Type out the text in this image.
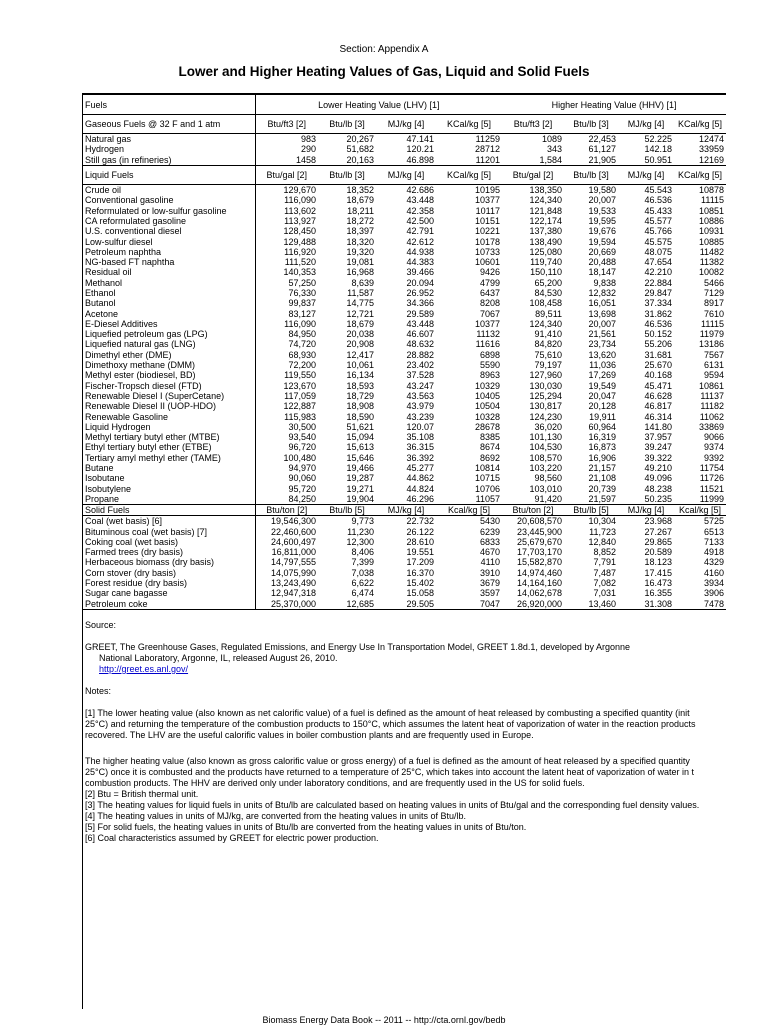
Section: Appendix A
Lower and Higher Heating Values of Gas, Liquid and Solid Fuels
Fuels	Lower Heating Value (LHV) [1]				Higher Heating Value (HHV) [1]			
Gaseous Fuels @ 32 F and 1 atm	Btu/ft3 [2]	Btu/lb [3]	MJ/kg [4]	KCal/kg [5]	Btu/ft3 [2]	Btu/lb [3]	MJ/kg [4]	KCal/kg [5]
Natural gas	983	20,267	47.141	11259	1089	22,453	52.225	12474
Hydrogen	290	51,682	120.21	28712	343	61,127	142.18	33959
Still gas (in refineries)	1458	20,163	46.898	11201	1,584	21,905	50.951	12169
Liquid Fuels	Btu/gal [2]	Btu/lb [3]	MJ/kg [4]	KCal/kg [5]	Btu/gal [2]	Btu/lb [3]	MJ/kg [4]	KCal/kg [5]
Crude oil	129,670	18,352	42.686	10195	138,350	19,580	45.543	10878
Conventional gasoline	116,090	18,679	43.448	10377	124,340	20,007	46.536	11115
Reformulated or low-sulfur gasoline	113,602	18,211	42.358	10117	121,848	19,533	45.433	10851
CA reformulated gasoline	113,927	18,272	42.500	10151	122,174	19,595	45.577	10886
U.S. conventional diesel	128,450	18,397	42.791	10221	137,380	19,676	45.766	10931
Low-sulfur diesel	129,488	18,320	42.612	10178	138,490	19,594	45.575	10885
Petroleum naphtha	116,920	19,320	44.938	10733	125,080	20,669	48.075	11482
NG-based FT naphtha	111,520	19,081	44.383	10601	119,740	20,488	47.654	11382
Residual oil	140,353	16,968	39.466	9426	150,110	18,147	42.210	10082
Methanol	57,250	8,639	20.094	4799	65,200	9,838	22.884	5466
Ethanol	76,330	11,587	26.952	6437	84,530	12,832	29.847	7129
Butanol	99,837	14,775	34.366	8208	108,458	16,051	37.334	8917
Acetone	83,127	12,721	29.589	7067	89,511	13,698	31.862	7610
E-Diesel Additives	116,090	18,679	43.448	10377	124,340	20,007	46.536	11115
Liquefied petroleum gas (LPG)	84,950	20,038	46.607	11132	91,410	21,561	50.152	11979
Liquefied natural gas (LNG)	74,720	20,908	48.632	11616	84,820	23,734	55.206	13186
Dimethyl ether (DME)	68,930	12,417	28.882	6898	75,610	13,620	31.681	7567
Dimethoxy methane (DMM)	72,200	10,061	23.402	5590	79,197	11,036	25.670	6131
Methyl ester (biodiesel, BD)	119,550	16,134	37.528	8963	127,960	17,269	40.168	9594
Fischer-Tropsch diesel (FTD)	123,670	18,593	43.247	10329	130,030	19,549	45.471	10861
Renewable Diesel I (SuperCetane)	117,059	18,729	43.563	10405	125,294	20,047	46.628	11137
Renewable Diesel II (UOP-HDO)	122,887	18,908	43.979	10504	130,817	20,128	46.817	11182
Renewable Gasoline	115,983	18,590	43.239	10328	124,230	19,911	46.314	11062
Liquid Hydrogen	30,500	51,621	120.07	28678	36,020	60,964	141.80	33869
Methyl tertiary butyl ether (MTBE)	93,540	15,094	35.108	8385	101,130	16,319	37.957	9066
Ethyl tertiary butyl ether (ETBE)	96,720	15,613	36.315	8674	104,530	16,873	39.247	9374
Tertiary amyl methyl ether (TAME)	100,480	15,646	36.392	8692	108,570	16,906	39.322	9392
Butane	94,970	19,466	45.277	10814	103,220	21,157	49.210	11754
Isobutane	90,060	19,287	44.862	10715	98,560	21,108	49.096	11726
Isobutylene	95,720	19,271	44.824	10706	103,010	20,739	48.238	11521
Propane	84,250	19,904	46.296	11057	91,420	21,597	50.235	11999
Solid Fuels	Btu/ton [2]	Btu/lb [5]	MJ/kg [4]	Kcal/kg [5]	Btu/ton [2]	Btu/lb [5]	MJ/kg [4]	Kcal/kg [5]
Coal (wet basis) [6]	19,546,300	9,773	22.732	5430	20,608,570	10,304	23.968	5725
Bituminous coal (wet basis) [7]	22,460,600	11,230	26.122	6239	23,445,900	11,723	27.267	6513
Coking coal (wet basis)	24,600,497	12,300	28.610	6833	25,679,670	12,840	29.865	7133
Farmed trees (dry basis)	16,811,000	8,406	19.551	4670	17,703,170	8,852	20.589	4918
Herbaceous biomass (dry basis)	14,797,555	7,399	17.209	4110	15,582,870	7,791	18.123	4329
Corn stover (dry basis)	14,075,990	7,038	16.370	3910	14,974,460	7,487	17.415	4160
Forest residue (dry basis)	13,243,490	6,622	15.402	3679	14,164,160	7,082	16.473	3934
Sugar cane bagasse	12,947,318	6,474	15.058	3597	14,062,678	7,031	16.355	3906
Petroleum coke	25,370,000	12,685	29.505	7047	26,920,000	13,460	31.308	7478

Source:

GREET, The Greenhouse Gases, Regulated Emissions, and Energy Use In Transportation Model, GREET 1.8d.1, developed by Argonne

National Laboratory, Argonne, IL, released August 26, 2010.

http://greet.es.anl.gov/

Notes:

[1] The lower heating value (also known as net calorific value) of a fuel is defined as the amount of heat released by combusting a specified quantity (init

25°C) and returning the temperature of the combustion products to 150°C, which assumes the latent heat of vaporization of water in the reaction products

recovered. The LHV are the useful calorific values in boiler combustion plants and are frequently used in Europe.

The higher heating value (also known as gross calorific value or gross energy) of a fuel is defined as the amount of heat released by a specified quantity

25°C) once it is combusted and the products have returned to a temperature of 25°C, which takes into account the latent heat of vaporization of water in t

combustion products. The HHV are derived only under laboratory conditions, and are frequently used in the US for solid fuels.

[2] Btu = British thermal unit.

[3] The heating values for liquid fuels in units of Btu/lb are calculated based on heating values in units of Btu/gal and the corresponding fuel density values.

[4] The heating values in units of MJ/kg, are converted from the heating values in units of Btu/lb.

[5] For solid fuels, the heating values in units of Btu/lb are converted from the heating values in units of Btu/ton.

[6] Coal characteristics assumed by GREET for electric power production.

Biomass Energy Data Book -- 2011 -- http://cta.ornl.gov/bedb
